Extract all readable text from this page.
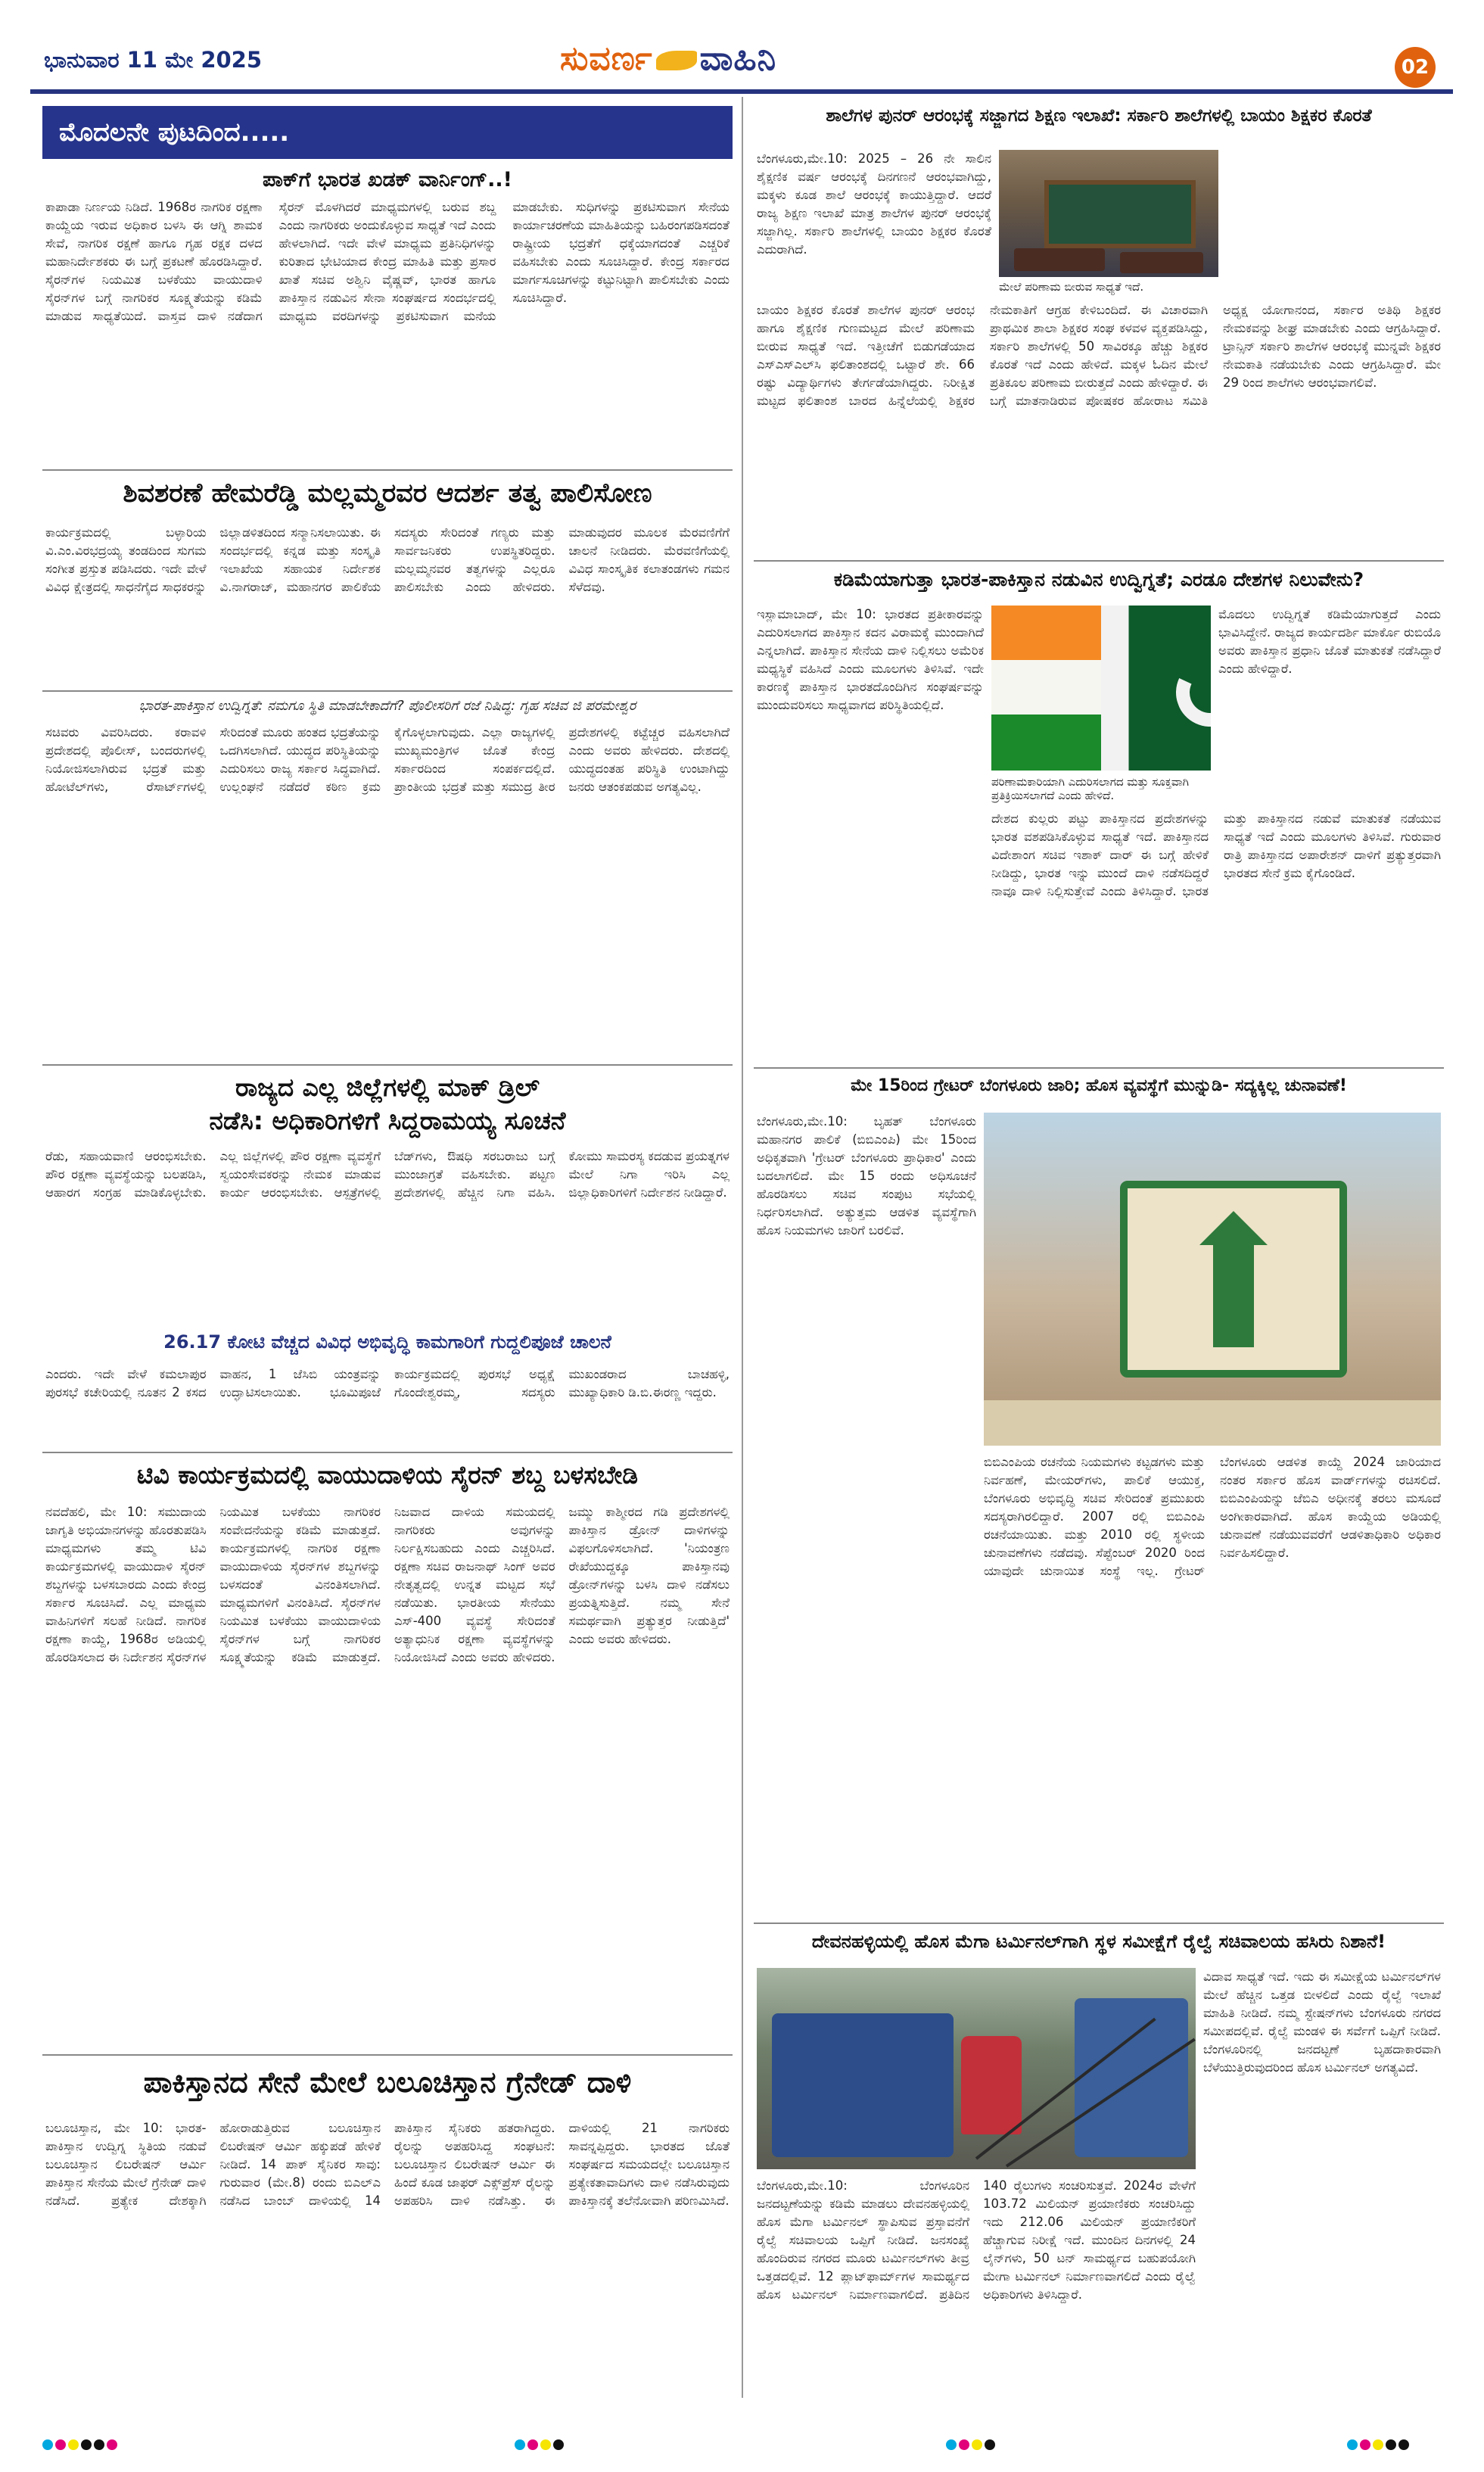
ಭಾನುವಾರ 11 ಮೇ 2025	ಸುವರ್ಣ ವಾಹಿನಿ	02
ಮೊದಲನೇ ಪುಟದಿಂದ.....
ಪಾಕ್‌ಗೆ ಭಾರತ ಖಡಕ್ ವಾರ್ನಿಂಗ್..!
ಕಾಪಾಡಾ ನಿರ್ಣಯ ನಿಡಿದೆ. 1968ರ ನಾಗರಿಕ ರಕ್ಷಣಾ ಕಾಯ್ದೆಯ ಇರುವ ಅಧಿಕಾರ ಬಳಸಿ ಈ ಆಗ್ನಿ ಶಾಮಕ ಸೇವೆ, ನಾಗರಿಕ ರಕ್ಷಣೆ ಹಾಗೂ ಗೃಹ ರಕ್ಷಕ ದಳದ ಮಹಾನಿರ್ದೇಶಕರು ಈ ಬಗ್ಗೆ ಪ್ರಕಟಣೆ ಹೊರಡಿಸಿದ್ದಾರೆ. ಸೈರನ್‌ಗಳ ನಿಯಮಿತ ಬಳಕೆಯು ವಾಯುದಾಳಿ ಸೈರನ್‌ಗಳ ಬಗ್ಗೆ ನಾಗರಿಕರ ಸೂಕ್ಷ್ಮತೆಯನ್ನು ಕಡಿಮೆ ಮಾಡುವ ಸಾಧ್ಯತೆಯಿದೆ. ವಾಸ್ತವ ದಾಳಿ ನಡೆದಾಗ ಸೈರನ್ ಮೊಳಗಿದರೆ ಮಾಧ್ಯಮಗಳಲ್ಲಿ ಬರುವ ಶಬ್ದ ಎಂದು ನಾಗರಿಕರು ಅಂದುಕೊಳ್ಳುವ ಸಾಧ್ಯತೆ ಇದೆ ಎಂದು ಹೇಳಲಾಗಿದೆ. ಇದೇ ವೇಳೆ ಮಾಧ್ಯಮ ಪ್ರತಿನಿಧಿಗಳನ್ನು ಕುರಿತಾದ ಭೇಟಿಯಾದ ಕೇಂದ್ರ ಮಾಹಿತಿ ಮತ್ತು ಪ್ರಸಾರ ಖಾತೆ ಸಚಿವ ಅಶ್ವಿನಿ ವೈಷ್ಣವ್, ಭಾರತ ಹಾಗೂ ಪಾಕಿಸ್ತಾನ ನಡುವಿನ ಸೇನಾ ಸಂಘರ್ಷದ ಸಂದರ್ಭದಲ್ಲಿ ಮಾಧ್ಯಮ ವರದಿಗಳನ್ನು ಪ್ರಕಟಿಸುವಾಗ ಮನೆಯ ಮಾಡಬೇಕು. ಸುಧಿಗಳನ್ನು ಪ್ರಕಟಿಸುವಾಗ ಸೇನೆಯ ಕಾರ್ಯಾಚರಣೆಯ ಮಾಹಿತಿಯನ್ನು ಬಹಿರಂಗಪಡಿಸದಂತೆ ರಾಷ್ಟ್ರೀಯ ಭದ್ರತೆಗೆ ಧಕ್ಕೆಯಾಗದಂತೆ ಎಚ್ಚರಿಕೆ ವಹಿಸಬೇಕು ಎಂದು ಸೂಚಿಸಿದ್ದಾರೆ. ಕೇಂದ್ರ ಸರ್ಕಾರದ ಮಾರ್ಗಸೂಚಿಗಳನ್ನು ಕಟ್ಟುನಿಟ್ಟಾಗಿ ಪಾಲಿಸಬೇಕು ಎಂದು ಸೂಚಿಸಿದ್ದಾರೆ.
ಶಿವಶರಣೆ ಹೇಮರೆಡ್ಡಿ ಮಲ್ಲಮ್ಮರವರ ಆದರ್ಶ ತತ್ವ ಪಾಲಿಸೋಣ
ಕಾರ್ಯಕ್ರಮದಲ್ಲಿ ಬಳ್ಳಾರಿಯ ವಿ.ಎಂ.ವಿರಭದ್ರಯ್ಯ ತಂಡದಿಂದ ಸುಗಮ ಸಂಗೀತ ಪ್ರಸ್ತುತ ಪಡಿಸಿದರು. ಇದೇ ವೇಳೆ ವಿವಿಧ ಕ್ಷೇತ್ರದಲ್ಲಿ ಸಾಧನೆಗೈದ ಸಾಧಕರನ್ನು ಜಿಲ್ಲಾಡಳಿತದಿಂದ ಸನ್ಮಾನಿಸಲಾಯಿತು. ಈ ಸಂದರ್ಭದಲ್ಲಿ ಕನ್ನಡ ಮತ್ತು ಸಂಸ್ಕೃತಿ ಇಲಾಖೆಯ ಸಹಾಯಕ ನಿರ್ದೇಶಕ ವಿ.ನಾಗರಾಜ್, ಮಹಾನಗರ ಪಾಲಿಕೆಯ ಸದಸ್ಯರು ಸೇರಿದಂತೆ ಗಣ್ಯರು ಮತ್ತು ಸಾರ್ವಜನಿಕರು ಉಪಸ್ಥಿತರಿದ್ದರು. ಮಲ್ಲಮ್ಮನವರ ತತ್ವಗಳನ್ನು ಎಲ್ಲರೂ ಪಾಲಿಸಬೇಕು ಎಂದು ಹೇಳಿದರು. ಮಾಡುವುದರ ಮೂಲಕ ಮೆರವಣಿಗೆಗೆ ಚಾಲನೆ ನೀಡಿದರು. ಮೆರವಣಿಗೆಯಲ್ಲಿ ವಿವಿಧ ಸಾಂಸ್ಕೃತಿಕ ಕಲಾತಂಡಗಳು ಗಮನ ಸೆಳೆದವು.
ಭಾರತ-ಪಾಕಿಸ್ತಾನ ಉದ್ವಿಗ್ನತೆ: ನಮಗೂ ಸ್ಥಿತಿ ಮಾಡಬೇಕಾದೆಗೆ? ಪೊಲೀಸರಿಗೆ ರಜೆ ನಿಷಿದ್ಧ: ಗೃಹ ಸಚಿವ ಜಿ ಪರಮೇಶ್ವರ
ಸಚಿವರು ವಿವರಿಸಿದರು. ಕರಾವಳಿ ಪ್ರದೇಶದಲ್ಲಿ ಪೊಲೀಸ್, ಬಂದರುಗಳಲ್ಲಿ ನಿಯೋಜಿಸಲಾಗಿರುವ ಭದ್ರತೆ ಮತ್ತು ಹೋಟೆಲ್‌ಗಳು, ರೆಸಾರ್ಟ್‌ಗಳಲ್ಲಿ ಸೇರಿದಂತೆ ಮೂರು ಹಂತದ ಭದ್ರತೆಯನ್ನು ಒದಗಿಸಲಾಗಿದೆ. ಯುದ್ಧದ ಪರಿಸ್ಥಿತಿಯನ್ನು ಎದುರಿಸಲು ರಾಜ್ಯ ಸರ್ಕಾರ ಸಿದ್ಧವಾಗಿದೆ. ಉಲ್ಲಂಘನೆ ನಡೆದರೆ ಕಠಿಣ ಕ್ರಮ ಕೈಗೊಳ್ಳಲಾಗುವುದು. ಎಲ್ಲಾ ರಾಜ್ಯಗಳಲ್ಲಿ ಮುಖ್ಯಮಂತ್ರಿಗಳ ಜೊತೆ ಕೇಂದ್ರ ಸರ್ಕಾರದಿಂದ ಸಂಪರ್ಕದಲ್ಲಿದೆ. ಪ್ರಾಂತೀಯ ಭದ್ರತೆ ಮತ್ತು ಸಮುದ್ರ ತೀರ ಪ್ರದೇಶಗಳಲ್ಲಿ ಕಟ್ಟೆಚ್ಚರ ವಹಿಸಲಾಗಿದೆ ಎಂದು ಅವರು ಹೇಳಿದರು. ದೇಶದಲ್ಲಿ ಯುದ್ಧದಂತಹ ಪರಿಸ್ಥಿತಿ ಉಂಟಾಗಿದ್ದು ಜನರು ಆತಂಕಪಡುವ ಅಗತ್ಯವಿಲ್ಲ.
ರಾಜ್ಯದ ಎಲ್ಲ ಜಿಲ್ಲೆಗಳಲ್ಲಿ ಮಾಕ್ ಡ್ರಿಲ್
ನಡೆಸಿ: ಅಧಿಕಾರಿಗಳಿಗೆ ಸಿದ್ದರಾಮಯ್ಯ ಸೂಚನೆ
ರೆಡು, ಸಹಾಯವಾಣಿ ಆರಂಭಿಸಬೇಕು. ಪೌರ ರಕ್ಷಣಾ ವ್ಯವಸ್ಥೆಯನ್ನು ಬಲಪಡಿಸಿ, ಆಹಾರಗ ಸಂಗ್ರಹ ಮಾಡಿಕೊಳ್ಳಬೇಕು. ಎಲ್ಲ ಜಿಲ್ಲೆಗಳಲ್ಲಿ ಪೌರ ರಕ್ಷಣಾ ವ್ಯವಸ್ಥೆಗೆ ಸ್ವಯಂಸೇವಕರನ್ನು ನೇಮಕ ಮಾಡುವ ಕಾರ್ಯ ಆರಂಭಿಸಬೇಕು. ಆಸ್ಪತ್ರೆಗಳಲ್ಲಿ ಬೆಡ್‌ಗಳು, ಔಷಧಿ ಸರಬರಾಜು ಬಗ್ಗೆ ಮುಂಜಾಗ್ರತೆ ವಹಿಸಬೇಕು. ಪಟ್ಟಣ ಪ್ರದೇಶಗಳಲ್ಲಿ ಹೆಚ್ಚಿನ ನಿಗಾ ವಹಿಸಿ. ಕೋಮು ಸಾಮರಸ್ಯ ಕದಡುವ ಪ್ರಯತ್ನಗಳ ಮೇಲೆ ನಿಗಾ ಇರಿಸಿ ಎಲ್ಲ ಜಿಲ್ಲಾಧಿಕಾರಿಗಳಿಗೆ ನಿರ್ದೇಶನ ನೀಡಿದ್ದಾರೆ.
26.17 ಕೋಟಿ ವೆಚ್ಚದ ವಿವಿಧ ಅಭಿವೃದ್ಧಿ ಕಾಮಗಾರಿಗೆ ಗುದ್ದಲಿಪೂಜೆ ಚಾಲನೆ
ಎಂದರು. ಇದೇ ವೇಳೆ ಕಮಲಾಪುರ ಪುರಸಭೆ ಕಚೇರಿಯಲ್ಲಿ ನೂತನ 2 ಕಸದ ವಾಹನ, 1 ಜೆಸಿಬಿ ಯಂತ್ರವನ್ನು ಉದ್ಘಾಟಿಸಲಾಯಿತು. ಭೂಮಿಪೂಜೆ ಕಾರ್ಯಕ್ರಮದಲ್ಲಿ ಪುರಸಭೆ ಅಧ್ಯಕ್ಷೆ ಗೊಂದೇಶ್ವರಮ್ಮ, ಸದಸ್ಯರು ಮುಖಂಡರಾದ ಬಾಚಹಳ್ಳಿ, ಮುಖ್ಯಾಧಿಕಾರಿ ಡಿ.ಬಿ.ಈರಣ್ಣ ಇದ್ದರು.
ಟಿವಿ ಕಾರ್ಯಕ್ರಮದಲ್ಲಿ ವಾಯುದಾಳಿಯ ಸೈರನ್ ಶಬ್ದ ಬಳಸಬೇಡಿ
ನವದೆಹಲಿ, ಮೇ 10: ಸಮುದಾಯ ಜಾಗೃತಿ ಅಭಿಯಾನಗಳನ್ನು ಹೊರತುಪಡಿಸಿ ಮಾಧ್ಯಮಗಳು ತಮ್ಮ ಟಿವಿ ಕಾರ್ಯಕ್ರಮಗಳಲ್ಲಿ ವಾಯುದಾಳಿ ಸೈರನ್ ಶಬ್ದಗಳನ್ನು ಬಳಸಬಾರದು ಎಂದು ಕೇಂದ್ರ ಸರ್ಕಾರ ಸೂಚಿಸಿದೆ. ಎಲ್ಲ ಮಾಧ್ಯಮ ವಾಹಿನಿಗಳಿಗೆ ಸಲಹೆ ನೀಡಿದೆ. ನಾಗರಿಕ ರಕ್ಷಣಾ ಕಾಯ್ದೆ, 1968ರ ಅಡಿಯಲ್ಲಿ ಹೊರಡಿಸಲಾದ ಈ ನಿರ್ದೇಶನ ಸೈರನ್‌ಗಳ ನಿಯಮಿತ ಬಳಕೆಯು ನಾಗರಿಕರ ಸಂವೇದನೆಯನ್ನು ಕಡಿಮೆ ಮಾಡುತ್ತದೆ. ಕಾರ್ಯಕ್ರಮಗಳಲ್ಲಿ ನಾಗರಿಕ ರಕ್ಷಣಾ ವಾಯುದಾಳಿಯ ಸೈರನ್‌ಗಳ ಶಬ್ದಗಳನ್ನು ಬಳಸದಂತೆ ವಿನಂತಿಸಲಾಗಿದೆ. ಮಾಧ್ಯಮಗಳಿಗೆ ವಿನಂತಿಸಿದೆ. ಸೈರನ್‌ಗಳ ನಿಯಮಿತ ಬಳಕೆಯು ವಾಯುದಾಳಿಯ ಸೈರನ್‌ಗಳ ಬಗ್ಗೆ ನಾಗರಿಕರ ಸೂಕ್ಷ್ಮತೆಯನ್ನು ಕಡಿಮೆ ಮಾಡುತ್ತದೆ. ನಿಜವಾದ ದಾಳಿಯ ಸಮಯದಲ್ಲಿ ನಾಗರಿಕರು ಅವುಗಳನ್ನು ನಿರ್ಲಕ್ಷಿಸಬಹುದು ಎಂದು ಎಚ್ಚರಿಸಿದೆ. ರಕ್ಷಣಾ ಸಚಿವ ರಾಜನಾಥ್ ಸಿಂಗ್ ಅವರ ನೇತೃತ್ವದಲ್ಲಿ ಉನ್ನತ ಮಟ್ಟದ ಸಭೆ ನಡೆಯಿತು. ಭಾರತೀಯ ಸೇನೆಯು ಎಸ್-400 ವ್ಯವಸ್ಥೆ ಸೇರಿದಂತೆ ಅತ್ಯಾಧುನಿಕ ರಕ್ಷಣಾ ವ್ಯವಸ್ಥೆಗಳನ್ನು ನಿಯೋಜಿಸಿದೆ ಎಂದು ಅವರು ಹೇಳಿದರು. ಜಮ್ಮು ಕಾಶ್ಮೀರದ ಗಡಿ ಪ್ರದೇಶಗಳಲ್ಲಿ ಪಾಕಿಸ್ತಾನ ಡ್ರೋನ್ ದಾಳಿಗಳನ್ನು ವಿಫಲಗೊಳಿಸಲಾಗಿದೆ. 'ನಿಯಂತ್ರಣ ರೇಖೆಯುದ್ದಕ್ಕೂ ಪಾಕಿಸ್ತಾನವು ಡ್ರೋನ್‌ಗಳನ್ನು ಬಳಸಿ ದಾಳಿ ನಡೆಸಲು ಪ್ರಯತ್ನಿಸುತ್ತಿದೆ. ನಮ್ಮ ಸೇನೆ ಸಮರ್ಥವಾಗಿ ಪ್ರತ್ಯುತ್ತರ ನೀಡುತ್ತಿದೆ' ಎಂದು ಅವರು ಹೇಳಿದರು.
ಪಾಕಿಸ್ತಾನದ ಸೇನೆ ಮೇಲೆ ಬಲೂಚಿಸ್ತಾನ ಗ್ರೆನೇಡ್ ದಾಳಿ
ಬಲೂಚಿಸ್ತಾನ, ಮೇ 10: ಭಾರತ-ಪಾಕಿಸ್ತಾನ ಉದ್ವಿಗ್ನ ಸ್ಥಿತಿಯ ನಡುವೆ ಬಲೂಚಿಸ್ತಾನ ಲಿಬರೇಷನ್ ಆರ್ಮಿ ಪಾಕಿಸ್ತಾನ ಸೇನೆಯ ಮೇಲೆ ಗ್ರೆನೇಡ್ ದಾಳಿ ನಡೆಸಿದೆ. ಪ್ರತ್ಯೇಕ ದೇಶಕ್ಕಾಗಿ ಹೋರಾಡುತ್ತಿರುವ ಬಲೂಚಿಸ್ತಾನ ಲಿಬರೇಷನ್ ಆರ್ಮಿ ಹಕ್ಕುಪಡೆ ಹೇಳಿಕೆ ನೀಡಿದೆ. 14 ಪಾಕ್ ಸೈನಿಕರ ಸಾವು: ಗುರುವಾರ (ಮೇ.8) ರಂದು ಬಿಎಲ್‌ಎ ನಡೆಸಿದ ಬಾಂಬ್ ದಾಳಿಯಲ್ಲಿ 14 ಪಾಕಿಸ್ತಾನ ಸೈನಿಕರು ಹತರಾಗಿದ್ದರು. ರೈಲನ್ನು ಅಪಹರಿಸಿದ್ದ ಸಂಘಟನೆ: ಬಲೂಚಿಸ್ತಾನ ಲಿಬರೇಷನ್ ಆರ್ಮಿ ಈ ಹಿಂದೆ ಕೂಡ ಜಾಫರ್ ಎಕ್ಸ್‌ಪ್ರೆಸ್ ರೈಲನ್ನು ಅಪಹರಿಸಿ ದಾಳಿ ನಡೆಸಿತ್ತು. ಈ ದಾಳಿಯಲ್ಲಿ 21 ನಾಗರಿಕರು ಸಾವನ್ನಪ್ಪಿದ್ದರು. ಭಾರತದ ಜೊತೆ ಸಂಘರ್ಷದ ಸಮಯದಲ್ಲೇ ಬಲೂಚಿಸ್ತಾನ ಪ್ರತ್ಯೇಕತಾವಾದಿಗಳು ದಾಳಿ ನಡೆಸಿರುವುದು ಪಾಕಿಸ್ತಾನಕ್ಕೆ ತಲೆನೋವಾಗಿ ಪರಿಣಮಿಸಿದೆ.
ಶಾಲೆಗಳ ಪುನರ್ ಆರಂಭಕ್ಕೆ ಸಜ್ಜಾಗದ ಶಿಕ್ಷಣ ಇಲಾಖೆ: ಸರ್ಕಾರಿ ಶಾಲೆಗಳಲ್ಲಿ ಬಾಯಂ ಶಿಕ್ಷಕರ ಕೊರತೆ
ಬೆಂಗಳೂರು,ಮೇ.10: 2025 – 26 ನೇ ಸಾಲಿನ ಶೈಕ್ಷಣಿಕ ವರ್ಷ ಆರಂಭಕ್ಕೆ ದಿನಗಣನೆ ಆರಂಭವಾಗಿದ್ದು, ಮಕ್ಕಳು ಕೂಡ ಶಾಲೆ ಆರಂಭಕ್ಕೆ ಕಾಯುತ್ತಿದ್ದಾರೆ. ಆದರೆ ರಾಜ್ಯ ಶಿಕ್ಷಣ ಇಲಾಖೆ ಮಾತ್ರ ಶಾಲೆಗಳ ಪುನರ್ ಆರಂಭಕ್ಕೆ ಸಜ್ಜಾಗಿಲ್ಲ. ಸರ್ಕಾರಿ ಶಾಲೆಗಳಲ್ಲಿ ಬಾಯಂ ಶಿಕ್ಷಕರ ಕೊರತೆ ಎದುರಾಗಿದೆ.
ಮೇಲೆ ಪರಿಣಾಮ ಬೀರುವ ಸಾಧ್ಯತೆ ಇದೆ.
ಬಾಯಂ ಶಿಕ್ಷಕರ ಕೊರತೆ ಶಾಲೆಗಳ ಪುನರ್ ಆರಂಭ ಹಾಗೂ ಶೈಕ್ಷಣಿಕ ಗುಣಮಟ್ಟದ ಮೇಲೆ ಪರಿಣಾಮ ಬೀರುವ ಸಾಧ್ಯತೆ ಇದೆ. ಇತ್ತೀಚೆಗೆ ಬಿಡುಗಡೆಯಾದ ಎಸ್ಎಸ್ಎಲ್‌ಸಿ ಫಲಿತಾಂಶದಲ್ಲಿ ಒಟ್ಟಾರೆ ಶೇ. 66 ರಷ್ಟು ವಿದ್ಯಾರ್ಥಿಗಳು ತೇರ್ಗಡೆಯಾಗಿದ್ದರು. ನಿರೀಕ್ಷಿತ ಮಟ್ಟದ ಫಲಿತಾಂಶ ಬಾರದ ಹಿನ್ನೆಲೆಯಲ್ಲಿ ಶಿಕ್ಷಕರ ನೇಮಕಾತಿಗೆ ಆಗ್ರಹ ಕೇಳಿಬಂದಿದೆ. ಈ ವಿಚಾರವಾಗಿ ಪ್ರಾಥಮಿಕ ಶಾಲಾ ಶಿಕ್ಷಕರ ಸಂಘ ಕಳವಳ ವ್ಯಕ್ತಪಡಿಸಿದ್ದು, ಸರ್ಕಾರಿ ಶಾಲೆಗಳಲ್ಲಿ 50 ಸಾವಿರಕ್ಕೂ ಹೆಚ್ಚು ಶಿಕ್ಷಕರ ಕೊರತೆ ಇದೆ ಎಂದು ಹೇಳಿದೆ. ಮಕ್ಕಳ ಓದಿನ ಮೇಲೆ ಪ್ರತಿಕೂಲ ಪರಿಣಾಮ ಬೀರುತ್ತದೆ ಎಂದು ಹೇಳಿದ್ದಾರೆ. ಈ ಬಗ್ಗೆ ಮಾತನಾಡಿರುವ ಪೋಷಕರ ಹೋರಾಟ ಸಮಿತಿ ಅಧ್ಯಕ್ಷ ಯೋಗಾನಂದ, ಸರ್ಕಾರ ಅತಿಥಿ ಶಿಕ್ಷಕರ ನೇಮಕವನ್ನು ಶೀಘ್ರ ಮಾಡಬೇಕು ಎಂದು ಆಗ್ರಹಿಸಿದ್ದಾರೆ. ಟ್ರಾನ್ಸಿನ್ ಸರ್ಕಾರಿ ಶಾಲೆಗಳ ಆರಂಭಕ್ಕೆ ಮುನ್ನವೇ ಶಿಕ್ಷಕರ ನೇಮಕಾತಿ ನಡೆಯಬೇಕು ಎಂದು ಆಗ್ರಹಿಸಿದ್ದಾರೆ. ಮೇ 29 ರಿಂದ ಶಾಲೆಗಳು ಆರಂಭವಾಗಲಿವೆ.
ಕಡಿಮೆಯಾಗುತ್ತಾ ಭಾರತ-ಪಾಕಿಸ್ತಾನ ನಡುವಿನ ಉದ್ವಿಗ್ನತೆ; ಎರಡೂ ದೇಶಗಳ ನಿಲುವೇನು?
ಇಸ್ಲಾಮಾಬಾದ್, ಮೇ 10: ಭಾರತದ ಪ್ರತೀಕಾರವನ್ನು ಎದುರಿಸಲಾಗದ ಪಾಕಿಸ್ತಾನ ಕದನ ವಿರಾಮಕ್ಕೆ ಮುಂದಾಗಿದೆ ಎನ್ನಲಾಗಿದೆ. ಪಾಕಿಸ್ತಾನ ಸೇನೆಯ ದಾಳಿ ನಿಲ್ಲಿಸಲು ಅಮೆರಿಕ ಮಧ್ಯಸ್ಥಿಕೆ ವಹಿಸಿದೆ ಎಂದು ಮೂಲಗಳು ತಿಳಿಸಿವೆ. ಇದೇ ಕಾರಣಕ್ಕೆ ಪಾಕಿಸ್ತಾನ ಭಾರತದೊಂದಿಗಿನ ಸಂಘರ್ಷವನ್ನು ಮುಂದುವರಿಸಲು ಸಾಧ್ಯವಾಗದ ಪರಿಸ್ಥಿತಿಯಲ್ಲಿದೆ.
ಪರಿಣಾಮಕಾರಿಯಾಗಿ ಎದುರಿಸಲಾಗದ ಮತ್ತು ಸೂಕ್ತವಾಗಿ ಪ್ರತಿಕ್ರಿಯಿಸಲಾಗದೆ ಎಂದು ಹೇಳಿದೆ.
ಮೊದಲು ಉದ್ವಿಗ್ನತೆ ಕಡಿಮೆಯಾಗುತ್ತದೆ ಎಂದು ಭಾವಿಸಿದ್ದೇನೆ. ರಾಜ್ಯದ ಕಾರ್ಯದರ್ಶಿ ಮಾರ್ಕೊ ರುಬಿಯೊ ಅವರು ಪಾಕಿಸ್ತಾನ ಪ್ರಧಾನಿ ಜೊತೆ ಮಾತುಕತೆ ನಡೆಸಿದ್ದಾರೆ ಎಂದು ಹೇಳಿದ್ದಾರೆ.
ದೇಶದ ಕುಲ್ಲರು ಪಟ್ಟು ಪಾಕಿಸ್ತಾನದ ಪ್ರದೇಶಗಳನ್ನು ಭಾರತ ವಶಪಡಿಸಿಕೊಳ್ಳುವ ಸಾಧ್ಯತೆ ಇದೆ. ಪಾಕಿಸ್ತಾನದ ವಿದೇಶಾಂಗ ಸಚಿವ ಇಶಾಕ್ ದಾರ್ ಈ ಬಗ್ಗೆ ಹೇಳಿಕೆ ನೀಡಿದ್ದು, ಭಾರತ ಇನ್ನು ಮುಂದೆ ದಾಳಿ ನಡೆಸದಿದ್ದರೆ ನಾವೂ ದಾಳಿ ನಿಲ್ಲಿಸುತ್ತೇವೆ ಎಂದು ತಿಳಿಸಿದ್ದಾರೆ. ಭಾರತ ಮತ್ತು ಪಾಕಿಸ್ತಾನದ ನಡುವೆ ಮಾತುಕತೆ ನಡೆಯುವ ಸಾಧ್ಯತೆ ಇದೆ ಎಂದು ಮೂಲಗಳು ತಿಳಿಸಿವೆ. ಗುರುವಾರ ರಾತ್ರಿ ಪಾಕಿಸ್ತಾನದ ಅಪಾರೇಶನ್ ದಾಳಿಗೆ ಪ್ರತ್ಯುತ್ತರವಾಗಿ ಭಾರತದ ಸೇನೆ ಕ್ರಮ ಕೈಗೊಂಡಿದೆ.
ಮೇ 15ರಿಂದ ಗ್ರೇಟರ್ ಬೆಂಗಳೂರು ಜಾರಿ; ಹೊಸ ವ್ಯವಸ್ಥೆಗೆ ಮುನ್ನುಡಿ- ಸದ್ಯಕ್ಕಿಲ್ಲ ಚುನಾವಣೆ!
ಬೆಂಗಳೂರು,ಮೇ.10: ಬೃಹತ್ ಬೆಂಗಳೂರು ಮಹಾನಗರ ಪಾಲಿಕೆ (ಬಿಬಿಎಂಪಿ) ಮೇ 15ರಿಂದ ಅಧಿಕೃತವಾಗಿ 'ಗ್ರೇಟರ್ ಬೆಂಗಳೂರು ಪ್ರಾಧಿಕಾರ' ಎಂದು ಬದಲಾಗಲಿದೆ. ಮೇ 15 ರಂದು ಅಧಿಸೂಚನೆ ಹೊರಡಿಸಲು ಸಚಿವ ಸಂಪುಟ ಸಭೆಯಲ್ಲಿ ನಿರ್ಧರಿಸಲಾಗಿದೆ. ಅತ್ಯುತ್ತಮ ಆಡಳಿತ ವ್ಯವಸ್ಥೆಗಾಗಿ ಹೊಸ ನಿಯಮಗಳು ಜಾರಿಗೆ ಬರಲಿವೆ.
ಬಿಬಿಎಂಪಿಯ ರಚನೆಯ ನಿಯಮಗಳು ಕಟ್ಟಡಗಳು ಮತ್ತು ನಿರ್ವಹಣೆ, ಮೇಯರ್‌ಗಳು, ಪಾಲಿಕೆ ಆಯುಕ್ತ, ಬೆಂಗಳೂರು ಅಭಿವೃದ್ಧಿ ಸಚಿವ ಸೇರಿದಂತೆ ಪ್ರಮುಖರು ಸದಸ್ಯರಾಗಿರಲಿದ್ದಾರೆ. 2007 ರಲ್ಲಿ ಬಿಬಿಎಂಪಿ ರಚನೆಯಾಯಿತು. ಮತ್ತು 2010 ರಲ್ಲಿ ಸ್ಥಳೀಯ ಚುನಾವಣೆಗಳು ನಡೆದವು. ಸೆಪ್ಟೆಂಬರ್ 2020 ರಿಂದ ಯಾವುದೇ ಚುನಾಯಿತ ಸಂಸ್ಥೆ ಇಲ್ಲ. ಗ್ರೇಟರ್ ಬೆಂಗಳೂರು ಆಡಳಿತ ಕಾಯ್ದೆ 2024 ಜಾರಿಯಾದ ನಂತರ ಸರ್ಕಾರ ಹೊಸ ವಾರ್ಡ್‌ಗಳನ್ನು ರಚಿಸಲಿದೆ. ಬಿಬಿಎಂಪಿಯನ್ನು ಜೆಬಿಎ ಅಧೀನಕ್ಕೆ ತರಲು ಮಸೂದೆ ಅಂಗೀಕಾರವಾಗಿದೆ. ಹೊಸ ಕಾಯ್ದೆಯ ಅಡಿಯಲ್ಲಿ ಚುನಾವಣೆ ನಡೆಯುವವರೆಗೆ ಆಡಳಿತಾಧಿಕಾರಿ ಅಧಿಕಾರ ನಿರ್ವಹಿಸಲಿದ್ದಾರೆ.
ದೇವನಹಳ್ಳಿಯಲ್ಲಿ ಹೊಸ ಮೆಗಾ ಟರ್ಮಿನಲ್‌ಗಾಗಿ ಸ್ಥಳ ಸಮೀಕ್ಷೆಗೆ ರೈಲ್ವೆ ಸಚಿವಾಲಯ ಹಸಿರು ನಿಶಾನೆ!
ವಿದಾವ ಸಾಧ್ಯತೆ ಇದೆ. ಇದು ಈ ಸಮೀಕ್ಷೆಯ ಟರ್ಮಿನಲ್‌ಗಳ ಮೇಲೆ ಹೆಚ್ಚಿನ ಒತ್ತಡ ಬೀಳಲಿದೆ ಎಂದು ರೈಲ್ವೆ ಇಲಾಖೆ ಮಾಹಿತಿ ನೀಡಿದೆ. ನಮ್ಮ ಸ್ಟೇಷನ್‌ಗಳು ಬೆಂಗಳೂರು ನಗರದ ಸಮೀಪದಲ್ಲಿವೆ. ರೈಲ್ವೆ ಮಂಡಳಿ ಈ ಸರ್ವೆಗೆ ಒಪ್ಪಿಗೆ ನೀಡಿದೆ. ಬೆಂಗಳೂರಿನಲ್ಲಿ ಜನದಟ್ಟಣೆ ಬೃಹದಾಕಾರವಾಗಿ ಬೆಳೆಯುತ್ತಿರುವುದರಿಂದ ಹೊಸ ಟರ್ಮಿನಲ್ ಅಗತ್ಯವಿದೆ.
ಬೆಂಗಳೂರು,ಮೇ.10: ಬೆಂಗಳೂರಿನ ಜನದಟ್ಟಣೆಯನ್ನು ಕಡಿಮೆ ಮಾಡಲು ದೇವನಹಳ್ಳಿಯಲ್ಲಿ ಹೊಸ ಮೆಗಾ ಟರ್ಮಿನಲ್ ಸ್ಥಾಪಿಸುವ ಪ್ರಸ್ತಾವನೆಗೆ ರೈಲ್ವೆ ಸಚಿವಾಲಯ ಒಪ್ಪಿಗೆ ನೀಡಿದೆ. ಜನಸಂಖ್ಯೆ ಹೊಂದಿರುವ ನಗರದ ಮೂರು ಟರ್ಮಿನಲ್‌ಗಳು ತೀವ್ರ ಒತ್ತಡದಲ್ಲಿವೆ. 12 ಪ್ಲಾಟ್‌ಫಾರ್ಮ್‌ಗಳ ಸಾಮರ್ಥ್ಯದ ಹೊಸ ಟರ್ಮಿನಲ್ ನಿರ್ಮಾಣವಾಗಲಿದೆ. ಪ್ರತಿದಿನ 140 ರೈಲುಗಳು ಸಂಚರಿಸುತ್ತವೆ. 2024ರ ವೇಳೆಗೆ 103.72 ಮಿಲಿಯನ್ ಪ್ರಯಾಣಿಕರು ಸಂಚರಿಸಿದ್ದು ಇದು 212.06 ಮಿಲಿಯನ್ ಪ್ರಯಾಣಿಕರಿಗೆ ಹೆಚ್ಚಾಗುವ ನಿರೀಕ್ಷೆ ಇದೆ. ಮುಂದಿನ ದಿನಗಳಲ್ಲಿ 24 ಲೈನ್‌ಗಳು, 50 ಟನ್ ಸಾಮರ್ಥ್ಯದ ಬಹುಪಯೋಗಿ ಮೇಗಾ ಟರ್ಮಿನಲ್ ನಿರ್ಮಾಣವಾಗಲಿದೆ ಎಂದು ರೈಲ್ವೆ ಅಧಿಕಾರಿಗಳು ತಿಳಿಸಿದ್ದಾರೆ.
